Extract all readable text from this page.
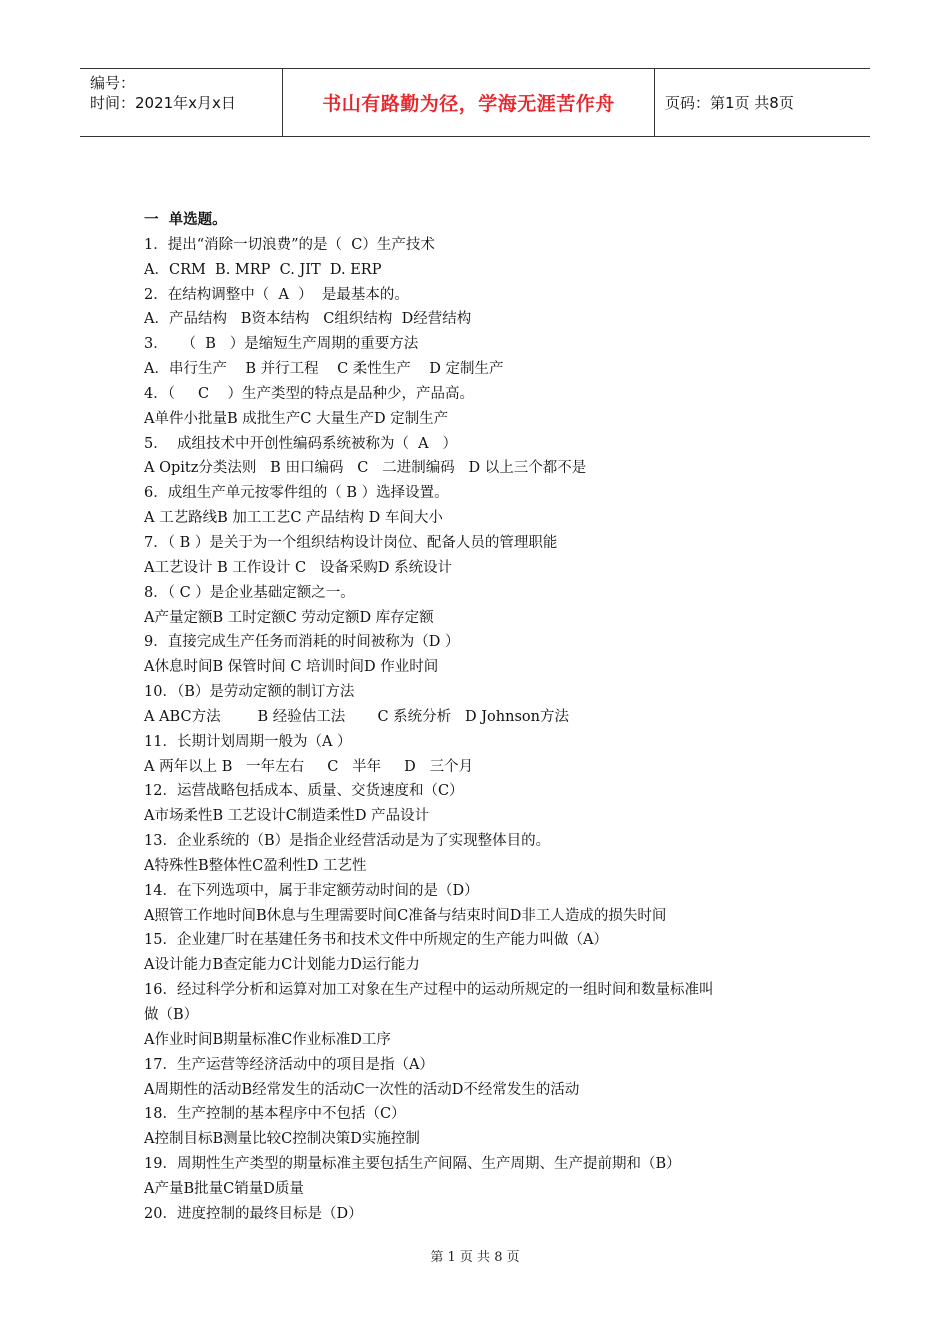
编号：
时间：2021年x月x日	书山有路勤为径，学海无涯苦作舟	页码：第1页 共8页
一  单选题。
1．提出“消除一切浪费”的是（  C）生产技术
A．CRM  B. MRP  C. JIT  D. ERP
2．在结构调整中（  A  ）  是最基本的。
A．产品结构   B资本结构   C组织结构  D经营结构
3．   （  B   ）是缩短生产周期的重要方法
A．串行生产    B 并行工程    C 柔性生产    D 定制生产
4．（     C    ）生产类型的特点是品种少，产品高。
A单件小批量B 成批生产C 大量生产D 定制生产
5．  成组技术中开创性编码系统被称为（  A   ）
A Opitz分类法则   B 田口编码   C   二进制编码   D 以上三个都不是
6．成组生产单元按零件组的（ B ）选择设置。
A 工艺路线B 加工工艺C 产品结构 D 车间大小
7．（ B ）是关于为一个组织结构设计岗位、配备人员的管理职能
A工艺设计 B 工作设计 C   设备采购D 系统设计
8．（ C ）是企业基础定额之一。
A产量定额B 工时定额C 劳动定额D 库存定额
9．直接完成生产任务而消耗的时间被称为（D ）
A休息时间B 保管时间 C 培训时间D 作业时间
10．（B）是劳动定额的制订方法
A ABC方法        B 经验估工法       C 系统分析   D Johnson方法
11．长期计划周期一般为（A ）
A 两年以上 B   一年左右     C   半年     D   三个月
12．运营战略包括成本、质量、交货速度和（C）
A市场柔性B 工艺设计C制造柔性D 产品设计
13．企业系统的（B）是指企业经营活动是为了实现整体目的。
A特殊性B整体性C盈利性D 工艺性
14．在下列选项中，属于非定额劳动时间的是（D）
A照管工作地时间B休息与生理需要时间C准备与结束时间D非工人造成的损失时间
15．企业建厂时在基建任务书和技术文件中所规定的生产能力叫做（A）
A设计能力B查定能力C计划能力D运行能力
16．经过科学分析和运算对加工对象在生产过程中的运动所规定的一组时间和数量标准叫
做（B）
A作业时间B期量标准C作业标准D工序
17．生产运营等经济活动中的项目是指（A）
A周期性的活动B经常发生的活动C一次性的活动D不经常发生的活动
18．生产控制的基本程序中不包括（C）
A控制目标B测量比较C控制决策D实施控制
19．周期性生产类型的期量标准主要包括生产间隔、生产周期、生产提前期和（B）
A产量B批量C销量D质量
20．进度控制的最终目标是（D）
第 1 页 共 8 页
